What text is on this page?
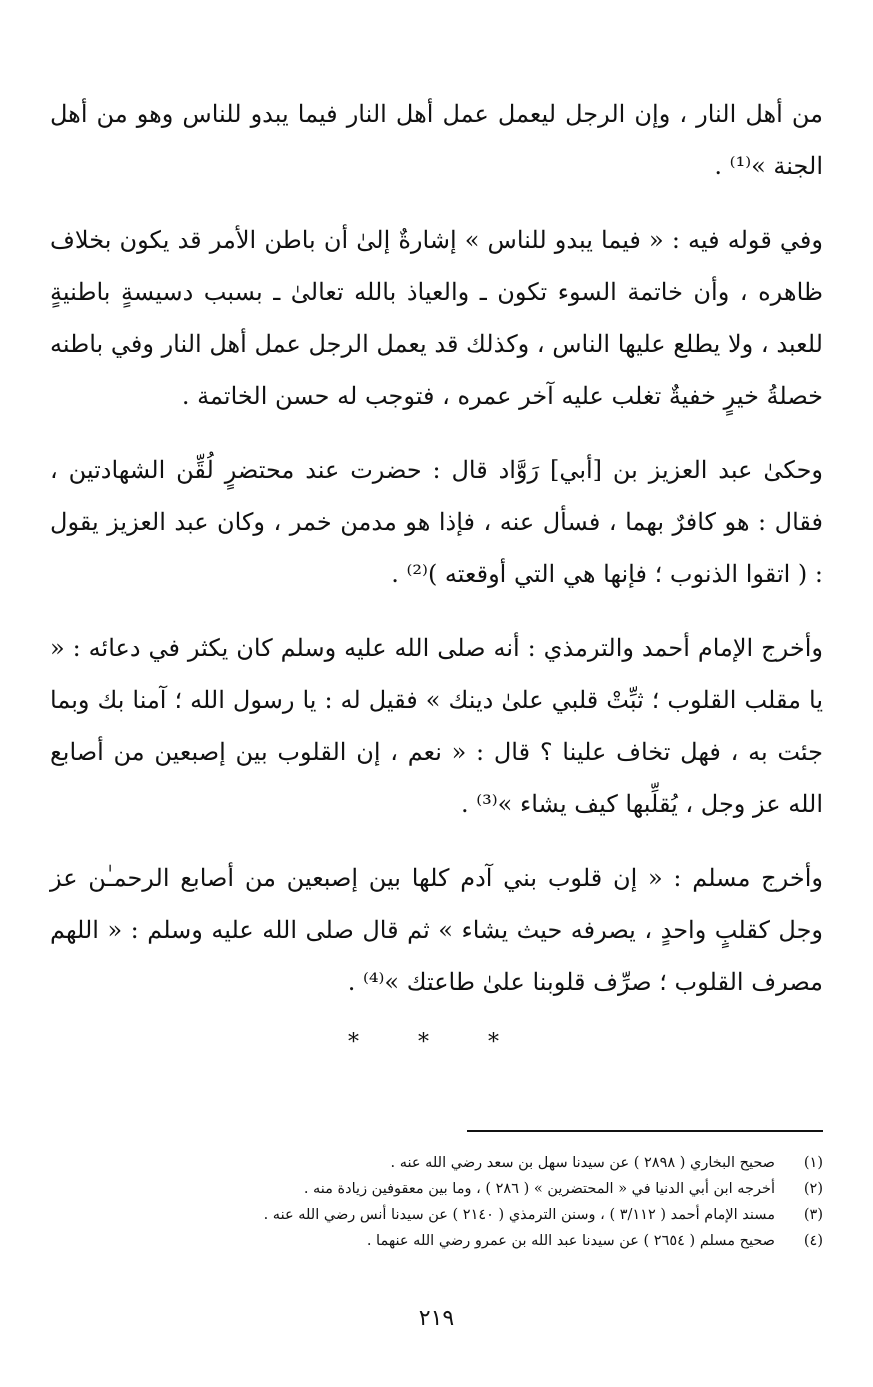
من أهل النار ، وإن الرجل ليعمل عمل أهل النار فيما يبدو للناس وهو من أهل الجنة »⁽¹⁾ .

وفي قوله فيه : « فيما يبدو للناس » إشارةٌ إلىٰ أن باطن الأمر قد يكون بخلاف ظاهره ، وأن خاتمة السوء تكون ـ والعياذ بالله تعالىٰ ـ بسبب دسيسةٍ باطنيةٍ للعبد ، ولا يطلع عليها الناس ، وكذلك قد يعمل الرجل عمل أهل النار وفي باطنه خصلةُ خيرٍ خفيةٌ تغلب عليه آخر عمره ، فتوجب له حسن الخاتمة .

وحكىٰ عبد العزيز بن [أبي] رَوَّاد قال : حضرت عند محتضرٍ لُقِّن الشهادتين ، فقال : هو كافرٌ بهما ، فسأل عنه ، فإذا هو مدمن خمر ، وكان عبد العزيز يقول : ( اتقوا الذنوب ؛ فإنها هي التي أوقعته )⁽²⁾ .

وأخرج الإمام أحمد والترمذي : أنه صلى الله عليه وسلم كان يكثر في دعائه : « يا مقلب القلوب ؛ ثبِّتْ قلبي علىٰ دينك » فقيل له : يا رسول الله ؛ آمنا بك وبما جئت به ، فهل تخاف علينا ؟ قال : « نعم ، إن القلوب بين إصبعين من أصابع الله عز وجل ، يُقلِّبها كيف يشاء »⁽³⁾ .

وأخرج مسلم : « إن قلوب بني آدم كلها بين إصبعين من أصابع الرحمـٰن عز وجل كقلبٍ واحدٍ ، يصرفه حيث يشاء » ثم قال صلى الله عليه وسلم : « اللهم مصرف القلوب ؛ صرِّف قلوبنا علىٰ طاعتك »⁽⁴⁾ .

* * *
(١)
صحيح البخاري ( ٢٨٩٨ ) عن سيدنا سهل بن سعد رضي الله عنه .
(٢)
أخرجه ابن أبي الدنيا في « المحتضرين » ( ٢٨٦ ) ، وما بين معقوفين زيادة منه .
(٣)
مسند الإمام أحمد ( ٣/١١٢ ) ، وسنن الترمذي ( ٢١٤٠ ) عن سيدنا أنس رضي الله عنه .
(٤)
صحيح مسلم ( ٢٦٥٤ ) عن سيدنا عبد الله بن عمرو رضي الله عنهما .
٢١٩
